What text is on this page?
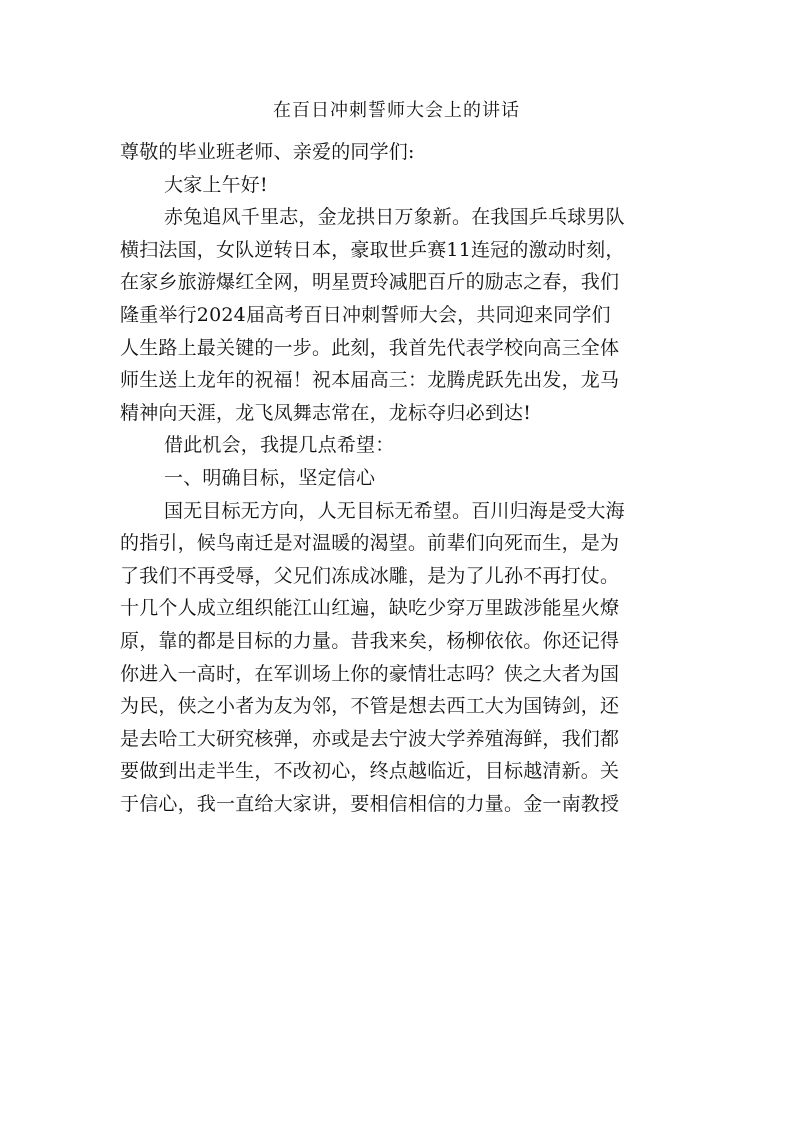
在百日冲刺誓师大会上的讲话
尊敬的毕业班老师、亲爱的同学们:
大家上午好!
赤兔追风千里志，金龙拱日万象新。在我国乒乓球男队
横扫法国，女队逆转日本，豪取世乒赛11连冠的激动时刻，
在家乡旅游爆红全网，明星贾玲减肥百斤的励志之春，我们
隆重举行2024届高考百日冲刺誓师大会，共同迎来同学们
人生路上最关键的一步。此刻，我首先代表学校向高三全体
师生送上龙年的祝福！祝本届高三：龙腾虎跃先出发，龙马
精神向天涯，龙飞凤舞志常在，龙标夺归必到达!
借此机会，我提几点希望：
一、明确目标，坚定信心
国无目标无方向，人无目标无希望。百川归海是受大海
的指引，候鸟南迁是对温暖的渴望。前辈们向死而生，是为
了我们不再受辱，父兄们冻成冰雕，是为了儿孙不再打仗。
十几个人成立组织能江山红遍，缺吃少穿万里跋涉能星火燎
原，靠的都是目标的力量。昔我来矣，杨柳依依。你还记得
你进入一高时，在军训场上你的豪情壮志吗？侠之大者为国
为民，侠之小者为友为邻，不管是想去西工大为国铸剑，还
是去哈工大研究核弹，亦或是去宁波大学养殖海鲜，我们都
要做到出走半生，不改初心，终点越临近，目标越清新。关
于信心，我一直给大家讲，要相信相信的力量。金一南教授
